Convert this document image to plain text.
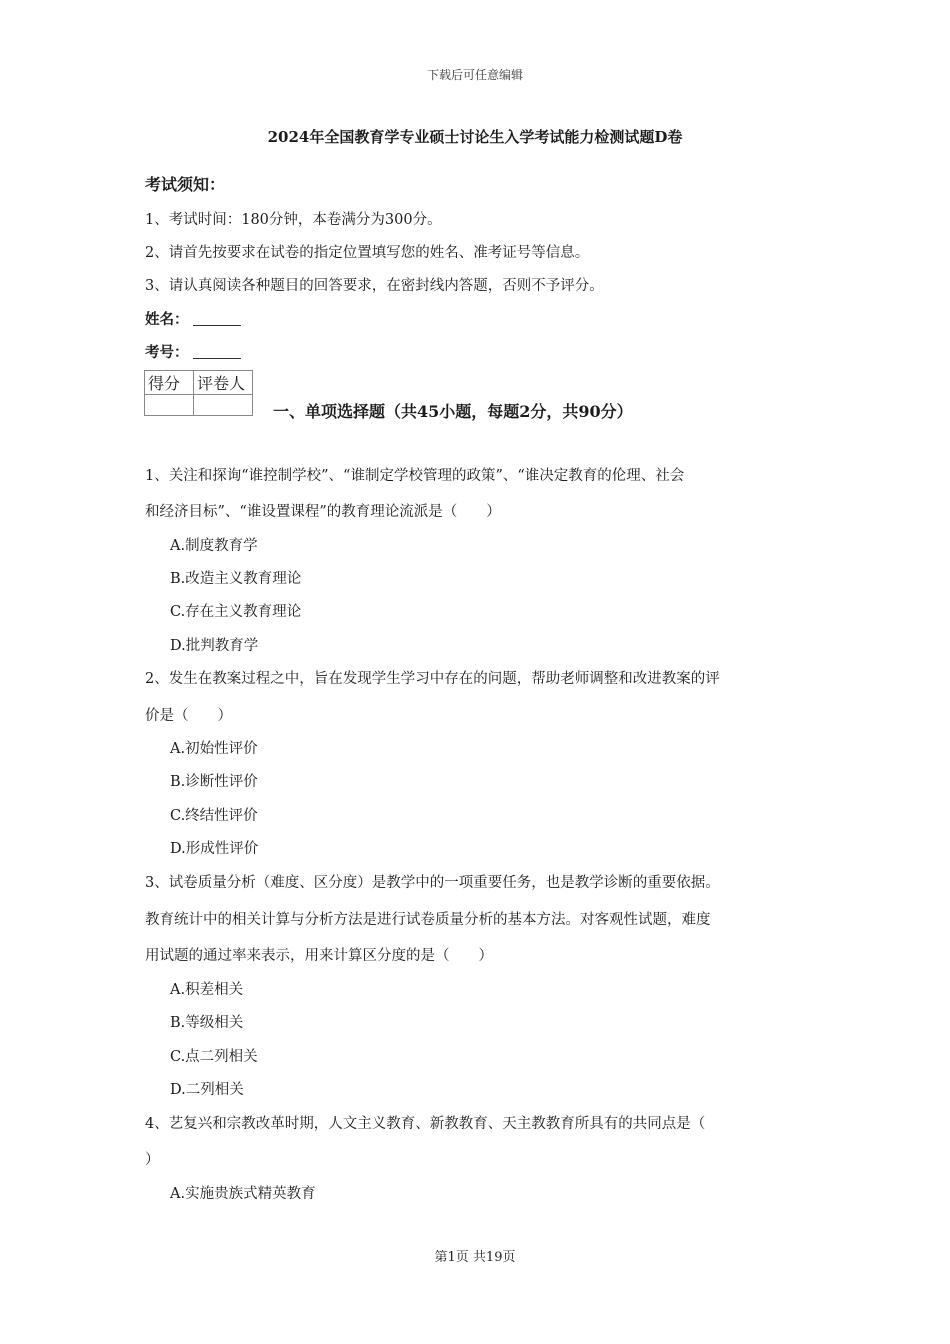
下载后可任意编辑
2024年全国教育学专业硕士讨论生入学考试能力检测试题D卷
考试须知：
1、考试时间：180分钟，本卷满分为300分。
2、请首先按要求在试卷的指定位置填写您的姓名、准考证号等信息。
3、请认真阅读各种题目的回答要求，在密封线内答题，否则不予评分。
姓名：
考号：
得分	评卷人

一、单项选择题（共45小题，每题2分，共90分）
1、关注和探询“谁控制学校”、“谁制定学校管理的政策”、“谁决定教育的伦理、社会
和经济目标”、“谁设置课程”的教育理论流派是（　　）
A.制度教育学
B.改造主义教育理论
C.存在主义教育理论
D.批判教育学
2、发生在教案过程之中，旨在发现学生学习中存在的问题，帮助老师调整和改进教案的评
价是（　　）
A.初始性评价
B.诊断性评价
C.终结性评价
D.形成性评价
3、试卷质量分析（难度、区分度）是教学中的一项重要任务，也是教学诊断的重要依据。
教育统计中的相关计算与分析方法是进行试卷质量分析的基本方法。对客观性试题，难度
用试题的通过率来表示，用来计算区分度的是（　　）
A.积差相关
B.等级相关
C.点二列相关
D.二列相关
4、艺复兴和宗教改革时期，人文主义教育、新教教育、天主教教育所具有的共同点是（
）
A.实施贵族式精英教育
第1页 共19页
